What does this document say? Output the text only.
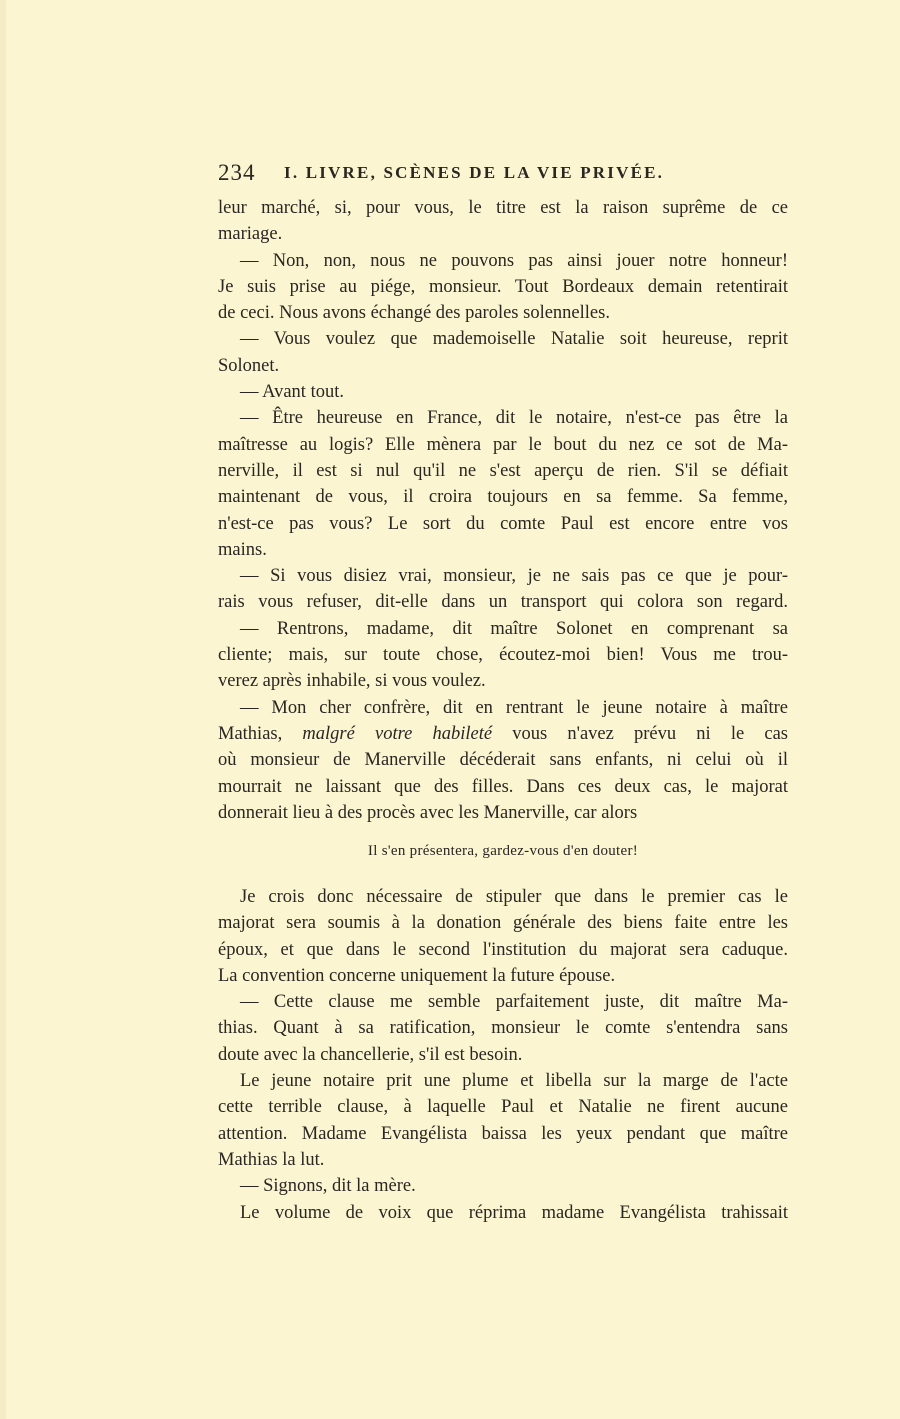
234 I. LIVRE, SCÈNES DE LA VIE PRIVÉE.
leur marché, si, pour vous, le titre est la raison suprême de ce
mariage.
— Non, non, nous ne pouvons pas ainsi jouer notre honneur!
Je suis prise au piége, monsieur. Tout Bordeaux demain retentirait
de ceci. Nous avons échangé des paroles solennelles.
— Vous voulez que mademoiselle Natalie soit heureuse, reprit
Solonet.
— Avant tout.
— Être heureuse en France, dit le notaire, n'est-ce pas être la
maîtresse au logis? Elle mènera par le bout du nez ce sot de Ma-
nerville, il est si nul qu'il ne s'est aperçu de rien. S'il se défiait
maintenant de vous, il croira toujours en sa femme. Sa femme,
n'est-ce pas vous? Le sort du comte Paul est encore entre vos
mains.
— Si vous disiez vrai, monsieur, je ne sais pas ce que je pour-
rais vous refuser, dit-elle dans un transport qui colora son regard.
— Rentrons, madame, dit maître Solonet en comprenant sa
cliente; mais, sur toute chose, écoutez-moi bien! Vous me trou-
verez après inhabile, si vous voulez.
— Mon cher confrère, dit en rentrant le jeune notaire à maître
Mathias, malgré votre habileté vous n'avez prévu ni le cas
où monsieur de Manerville décéderait sans enfants, ni celui où il
mourrait ne laissant que des filles. Dans ces deux cas, le majorat
donnerait lieu à des procès avec les Manerville, car alors
Il s'en présentera, gardez-vous d'en douter!
Je crois donc nécessaire de stipuler que dans le premier cas le
majorat sera soumis à la donation générale des biens faite entre les
époux, et que dans le second l'institution du majorat sera caduque.
La convention concerne uniquement la future épouse.
— Cette clause me semble parfaitement juste, dit maître Ma-
thias. Quant à sa ratification, monsieur le comte s'entendra sans
doute avec la chancellerie, s'il est besoin.
Le jeune notaire prit une plume et libella sur la marge de l'acte
cette terrible clause, à laquelle Paul et Natalie ne firent aucune
attention. Madame Evangélista baissa les yeux pendant que maître
Mathias la lut.
— Signons, dit la mère.
Le volume de voix que réprima madame Evangélista trahissait
